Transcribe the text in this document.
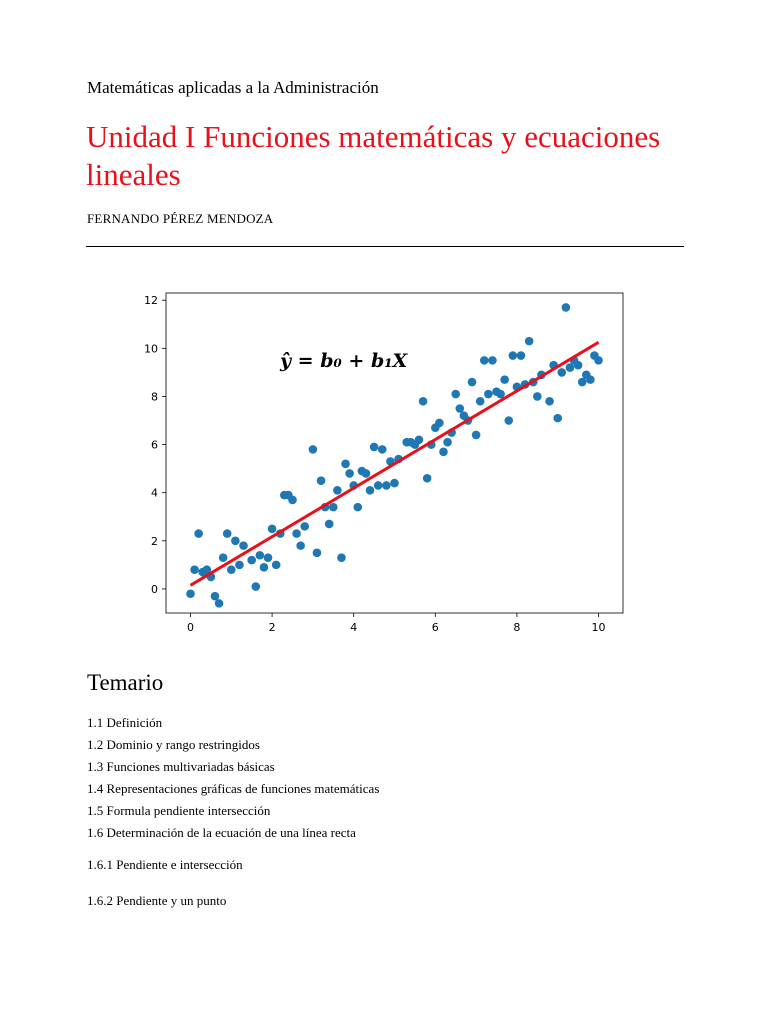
Matemáticas aplicadas a la Administración
Unidad I Funciones matemáticas y ecuaciones lineales
FERNANDO PÉREZ MENDOZA
0	2	4	6	8	10
0
2
4
6
8
10
12
ŷ = b₀ + b₁X
Temario
1.1 Definición
1.2 Dominio y rango restringidos
1.3 Funciones multivariadas básicas
1.4 Representaciones gráficas de funciones matemáticas
1.5 Formula pendiente intersección
1.6 Determinación de la ecuación de una línea recta
1.6.1 Pendiente e intersección
1.6.2 Pendiente y un punto
